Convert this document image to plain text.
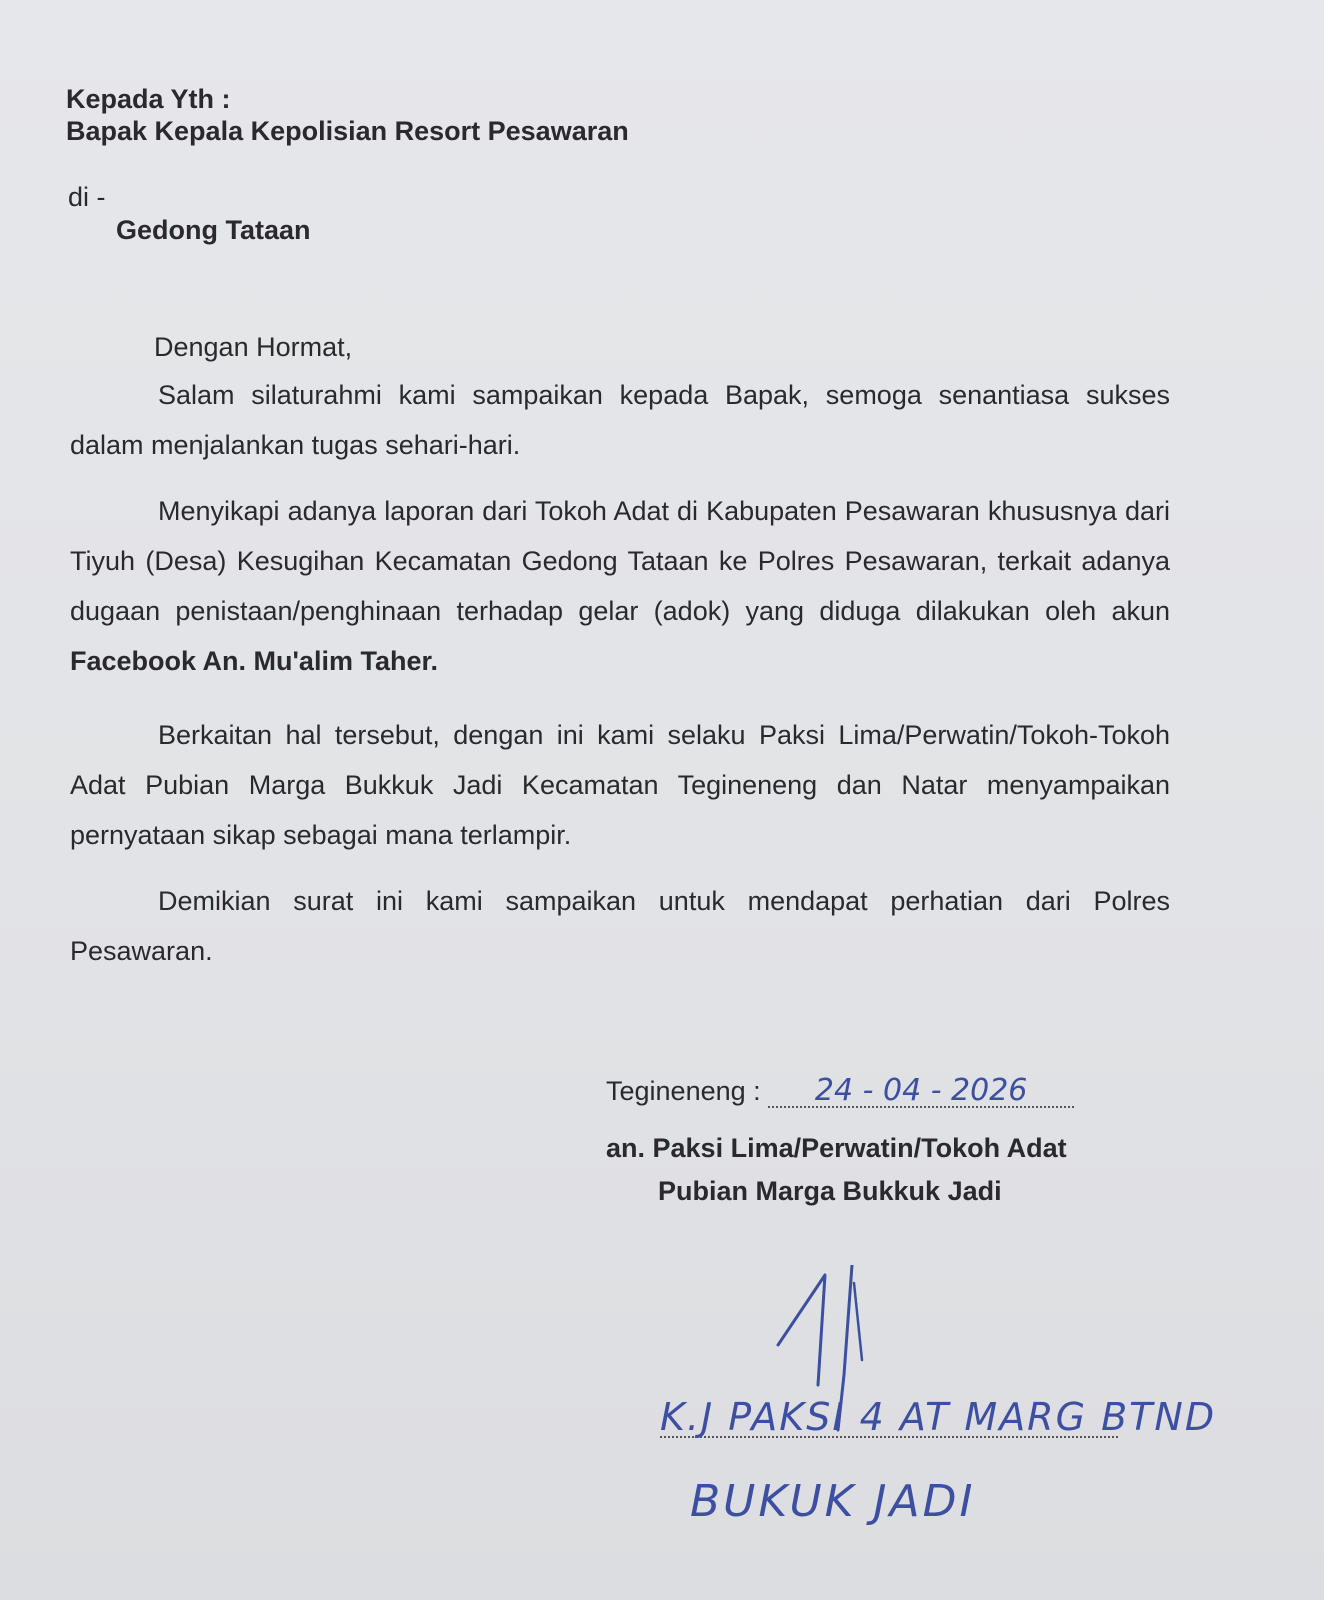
Kepada Yth :
Bapak Kepala Kepolisian Resort Pesawaran
di -
Gedong Tataan
Dengan Hormat,

Salam silaturahmi kami sampaikan kepada Bapak, semoga senantiasa sukses dalam menjalankan tugas sehari-hari.

Menyikapi adanya laporan dari Tokoh Adat di Kabupaten Pesawaran khususnya dari Tiyuh (Desa) Kesugihan Kecamatan Gedong Tataan ke Polres Pesawaran, terkait adanya dugaan penistaan/penghinaan terhadap gelar (adok) yang diduga dilakukan oleh akun Facebook An. Mu'alim Taher.

Berkaitan hal tersebut, dengan ini kami selaku Paksi Lima/Perwatin/Tokoh-Tokoh Adat Pubian Marga Bukkuk Jadi Kecamatan Tegineneng dan Natar menyampaikan pernyataan sikap sebagai mana terlampir.

Demikian surat ini kami sampaikan untuk mendapat perhatian dari Polres Pesawaran.

Tegineneng : 24 - 04 - 2026
an. Paksi Lima/Perwatin/Tokoh Adat
Pubian Marga Bukkuk Jadi
K.J PAKSI 4 AT MARG BTND
BUKUK JADI
